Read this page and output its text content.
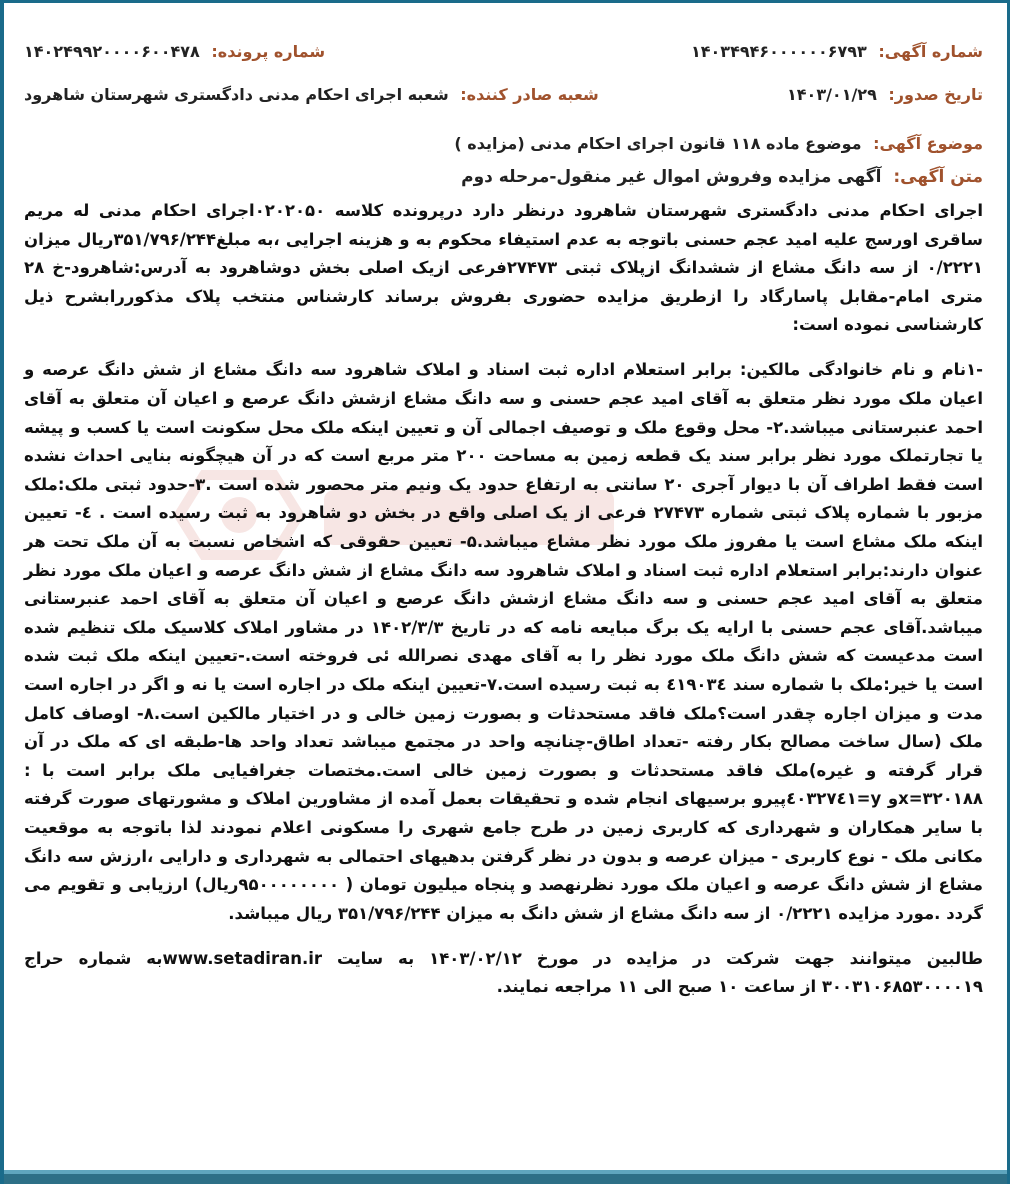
شماره آگهی: ۱۴۰۳۴۹۴۶۰۰۰۰۰۰۶۷۹۳
شماره پرونده: ۱۴۰۲۴۹۹۲۰۰۰۰۶۰۰۴۷۸
تاریخ صدور: ۱۴۰۳/۰۱/۲۹
شعبه صادر کننده: شعبه اجرای احکام مدنی دادگستری شهرستان شاهرود
موضوع آگهی: موضوع ماده ۱۱۸ قانون اجرای احکام مدنی (مزایده )
متن آگهی: آگهی مزایده وفروش اموال غیر منقول-مرحله دوم

اجرای احکام مدنی دادگستری شهرستان شاهرود درنظر دارد درپرونده کلاسه ۰۲۰۲۰۵۰اجرای احکام مدنی له مریم ساقری اورسج علیه امید عجم حسنی باتوجه به عدم استیفاء محکوم به و هزینه اجرایی ،به مبلغ۳۵۱/۷۹۶/۲۴۴ریال میزان ۰/۲۲۲۱ از سه دانگ مشاع از ششدانگ ازپلاک ثبتی ۲۷۴۷۳فرعی ازیک اصلی بخش دوشاهرود به آدرس:شاهرود-خ ۲۸ متری امام-مقابل پاسارگاد را ازطریق مزایده حضوری بفروش برساند کارشناس منتخب پلاک مذکوررابشرح ذیل کارشناسی نموده است:

-۱نام و نام خانوادگی مالکین: برابر استعلام اداره ثبت اسناد و املاک شاهرود سه دانگ مشاع از شش دانگ عرصه و اعیان ملک مورد نظر متعلق به آقای امید عجم حسنی و سه دانگ مشاع ازشش دانگ عرصع و اعیان آن متعلق به آقای احمد عنبرستانی میباشد.۲- محل وقوع ملک و توصیف اجمالی آن و تعیین اینکه ملک محل سکونت است یا کسب و پیشه یا تجارتملک مورد نظر برابر سند یک قطعه زمین به مساحت ۲۰۰ متر مربع است که در آن هیچگونه بنایی احداث نشده است فقط اطراف آن با دیوار آجری ۲۰ سانتی به ارتفاع حدود یک ونیم متر محصور شده است .۳-حدود ثبتی ملک:ملک مزبور با شماره پلاک ثبتی شماره ۲۷۴۷۳ فرعی از یک اصلی واقع در بخش دو شاهرود به ثبت رسیده است . ٤- تعیین اینکه ملک مشاع است یا مفروز ملک مورد نظر مشاع میباشد.۵- تعیین حقوقی که اشخاص نسبت به آن ملک تحت هر عنوان دارند:برابر استعلام اداره ثبت اسناد و املاک شاهرود سه دانگ مشاع از شش دانگ عرصه و اعیان ملک مورد نظر متعلق به آقای امید عجم حسنی و سه دانگ مشاع ازشش دانگ عرصع و اعیان آن متعلق به آقای احمد عنبرستانی میباشد.آقای عجم حسنی با ارایه یک برگ مبایعه نامه که در تاریخ ۱۴۰۲/۳/۳ در مشاور املاک کلاسیک ملک تنظیم شده است مدعیست که شش دانگ ملک مورد نظر را به آقای مهدی نصرالله ئی فروخته است.-تعیین اینکه ملک ثبت شده است یا خیر:ملک با شماره سند ٤۱۹۰۳٤ به ثبت رسیده است.۷-تعیین اینکه ملک در اجاره است یا نه و اگر در اجاره است مدت و میزان اجاره چقدر است؟ملک فاقد مستحدثات و بصورت زمین خالی و در اختیار مالکین است.۸- اوصاف کامل ملک (سال ساخت مصالح بکار رفته -تعداد اطاق-چنانچه واحد در مجتمع میباشد تعداد واحد ها-طبقه ای که ملک در آن قرار گرفته و غیره)ملک فاقد مستحدثات و بصورت زمین خالی است.مختصات جغرافیایی ملک برابر است با : x=۳۲۰۱۸۸و y=٤۰۳۲۷٤۱پیرو برسیهای انجام شده و تحقیقات بعمل آمده از مشاورین املاک و مشورتهای صورت گرفته با سایر همکاران و شهرداری که کاربری زمین در طرح جامع شهری را مسکونی اعلام نمودند لذا باتوجه به موقعیت مکانی ملک - نوع کاربری - میزان عرصه و بدون در نظر گرفتن بدهیهای احتمالی به شهرداری و دارایی ،ارزش سه دانگ مشاع از شش دانگ عرصه و اعیان ملک مورد نظرنهصد و پنجاه میلیون تومان ( ۹۵۰۰۰۰۰۰۰۰ریال) ارزیابی و تقویم می گردد .مورد مزایده ۰/۲۲۲۱ از سه دانگ مشاع از شش دانگ به میزان ۳۵۱/۷۹۶/۲۴۴ ریال میباشد.

طالبین میتوانند جهت شرکت در مزایده در مورخ ۱۴۰۳/۰۲/۱۲ به سایت www.setadiran.irبه شماره حراج ۳۰۰۳۱۰۶۸۵۳۰۰۰۰۱۹ از ساعت ۱۰ صبح الی ۱۱ مراجعه نمایند.
